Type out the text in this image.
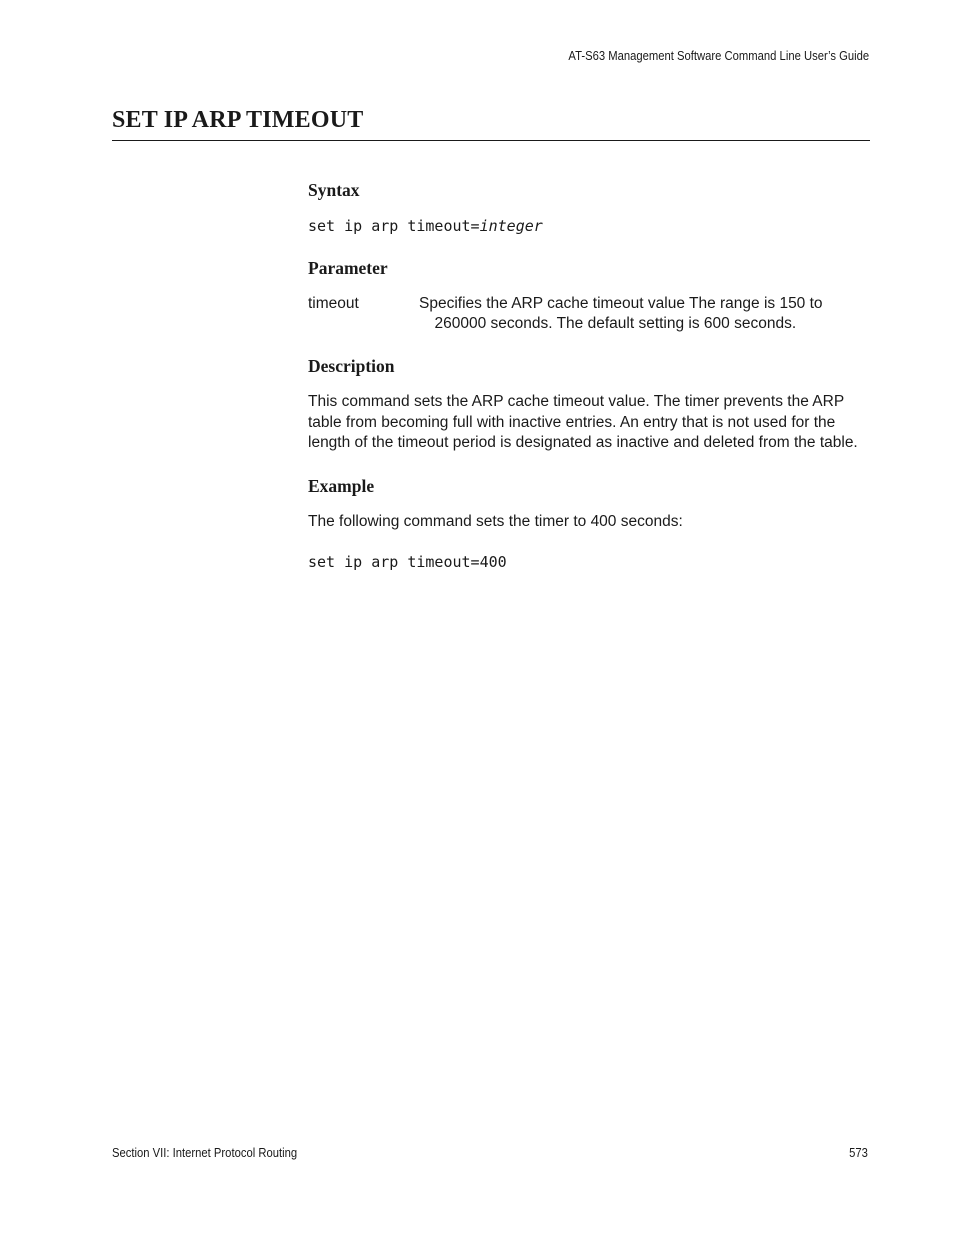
AT-S63 Management Software Command Line User’s Guide
SET IP ARP TIMEOUT
Syntax
set ip arp timeout=integer
Parameter
timeout	Specifies the ARP cache timeout value The range is 150 to 260000 seconds. The default setting is 600 seconds.
Description

This command sets the ARP cache timeout value. The timer prevents the ARP table from becoming full with inactive entries. An entry that is not used for the length of the timeout period is designated as inactive and deleted from the table.

Example

The following command sets the timer to 400 seconds:

set ip arp timeout=400
Section VII: Internet Protocol Routing	573
